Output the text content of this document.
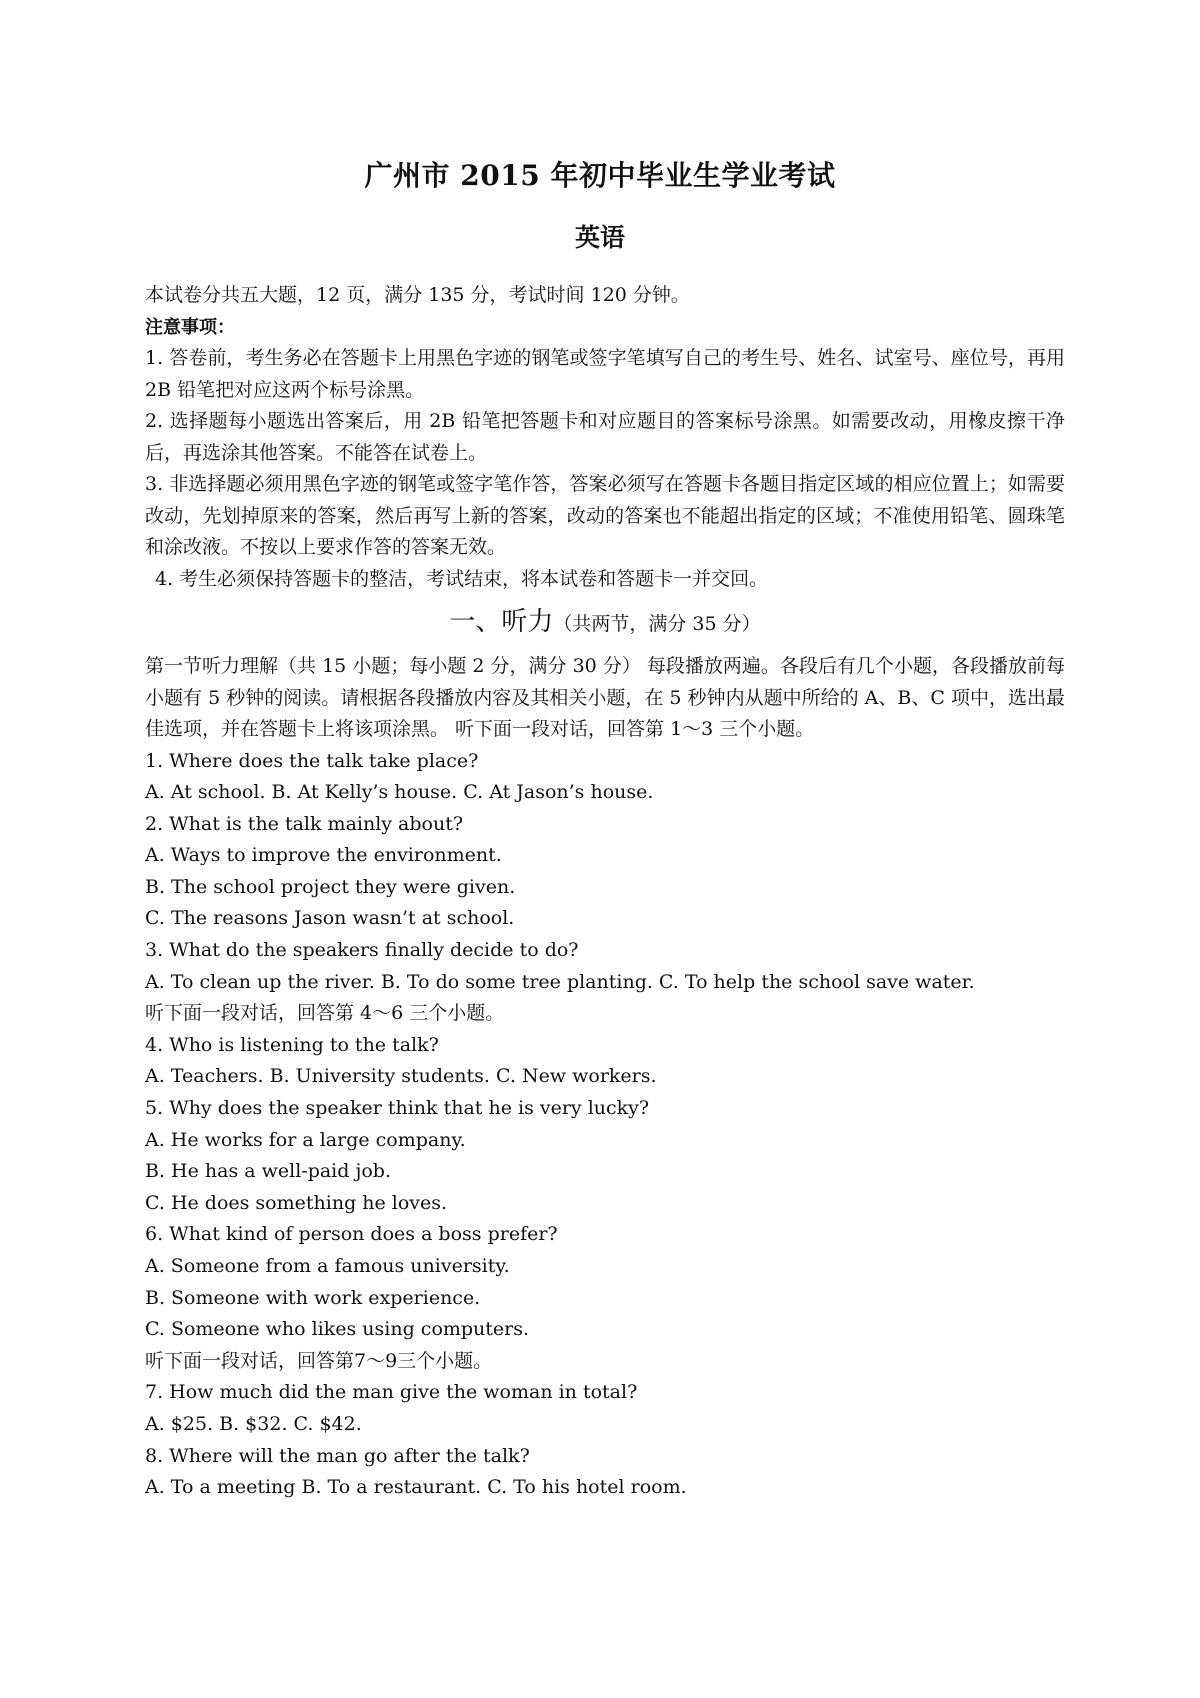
广州市 2015 年初中毕业生学业考试
英语

本试卷分共五大题，12 页，满分 135 分，考试时间 120 分钟。

注意事项：

1. 答卷前，考生务必在答题卡上用黑色字迹的钢笔或签字笔填写自己的考生号、姓名、试室号、座位号，再用 2B 铅笔把对应这两个标号涂黑。

2. 选择题每小题选出答案后，用 2B 铅笔把答题卡和对应题目的答案标号涂黑。如需要改动，用橡皮擦干净后，再选涂其他答案。不能答在试卷上。

3. 非选择题必须用黑色字迹的钢笔或签字笔作答，答案必须写在答题卡各题目指定区域的相应位置上；如需要改动，先划掉原来的答案，然后再写上新的答案，改动的答案也不能超出指定的区域；不准使用铅笔、圆珠笔和涂改液。不按以上要求作答的答案无效。

4. 考生必须保持答题卡的整洁，考试结束，将本试卷和答题卡一并交回。

一、听力（共两节，满分 35 分）

第一节听力理解（共 15 小题；每小题 2 分，满分 30 分） 每段播放两遍。各段后有几个小题，各段播放前每小题有 5 秒钟的阅读。请根据各段播放内容及其相关小题，在 5 秒钟内从题中所给的 A、B、C 项中，选出最佳选项，并在答题卡上将该项涂黑。 听下面一段对话，回答第 1～3 三个小题。

1. Where does the talk take place?

A. At school. B. At Kelly’s house. C. At Jason’s house.

2. What is the talk mainly about?

A. Ways to improve the environment.

B. The school project they were given.

C. The reasons Jason wasn’t at school.

3. What do the speakers finally decide to do?

A. To clean up the river. B. To do some tree planting. C. To help the school save water.

听下面一段对话，回答第 4～6 三个小题。

4. Who is listening to the talk?

A. Teachers. B. University students. C. New workers.

5. Why does the speaker think that he is very lucky?

A. He works for a large company.

B. He has a well-paid job.

C. He does something he loves.

6. What kind of person does a boss prefer?

A. Someone from a famous university.

B. Someone with work experience.

C. Someone who likes using computers.

听下面一段对话，回答第7～9三个小题。

7. How much did the man give the woman in total?

A. $25. B. $32. C. $42.

8. Where will the man go after the talk?

A. To a meeting B. To a restaurant. C. To his hotel room.
